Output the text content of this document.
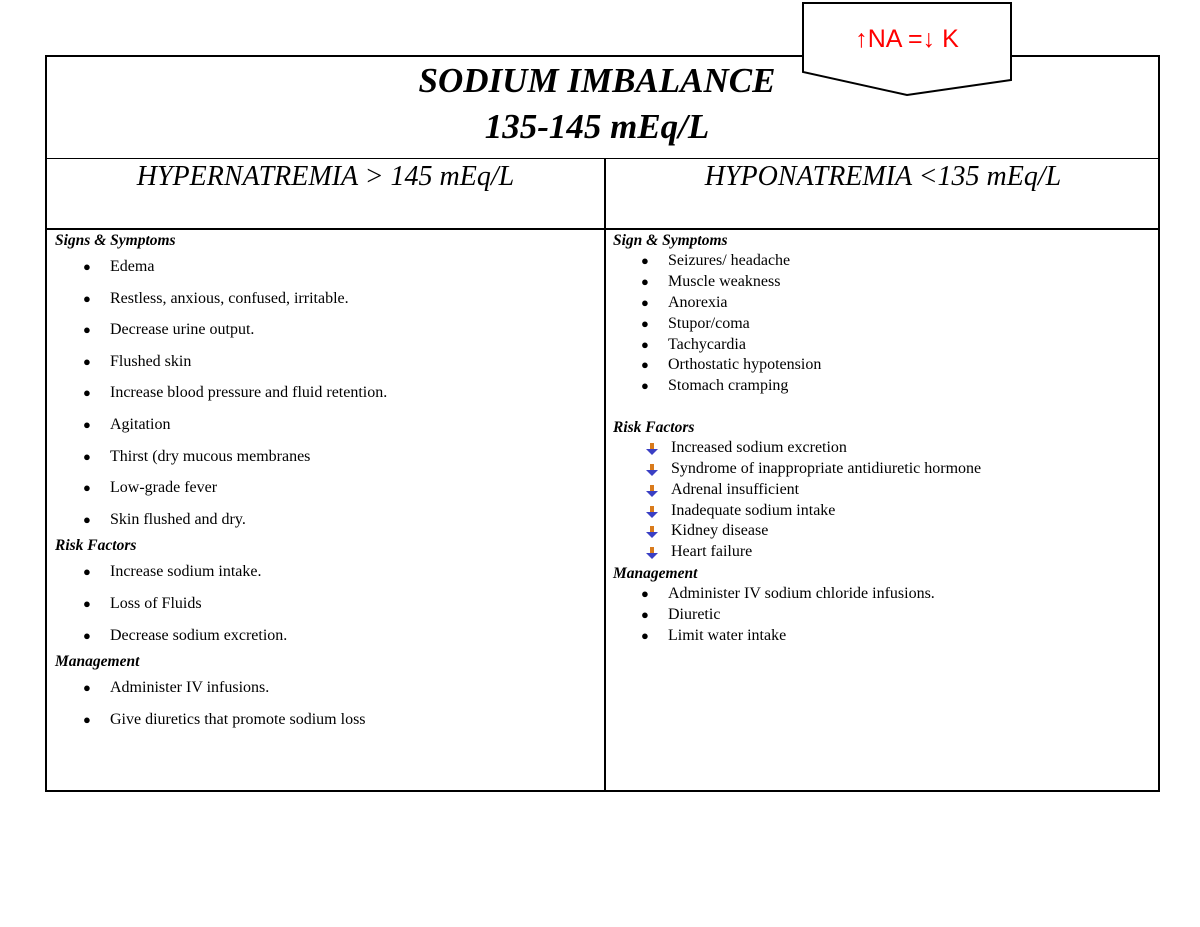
SODIUM IMBALANCE
135-145 mEq/L
HYPERNATREMIA > 145 mEq/L	HYPONATREMIA <135 mEq/L
Signs & Symptoms
● Edema
● Restless, anxious, confused, irritable.
● Decrease urine output.
● Flushed skin
● Increase blood pressure and fluid retention.
● Agitation
● Thirst (dry mucous membranes
● Low-grade fever
● Skin flushed and dry.
Risk Factors
● Increase sodium intake.
● Loss of Fluids
● Decrease sodium excretion.
Management
● Administer IV infusions.
● Give diuretics that promote sodium loss
Sign & Symptoms
● Seizures/ headache
● Muscle weakness
● Anorexia
● Stupor/coma
● Tachycardia
● Orthostatic hypotension
● Stomach cramping
Risk Factors
Increased sodium excretion
Syndrome of inappropriate antidiuretic hormone
Adrenal insufficient
Inadequate sodium intake
Kidney disease
Heart failure
Management
● Administer IV sodium chloride infusions.
● Diuretic
● Limit water intake
↑NA =↓ K
